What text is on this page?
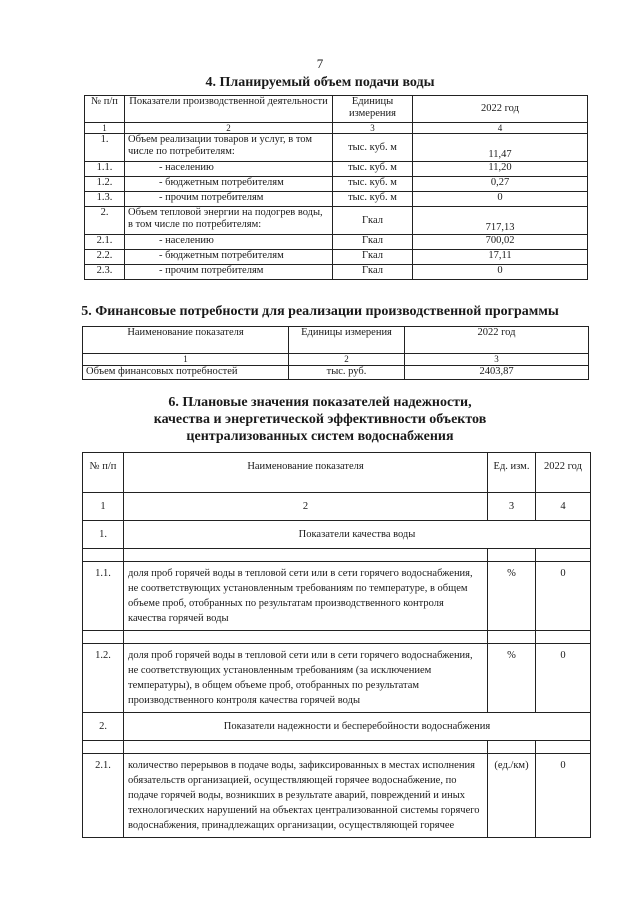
7
4. Планируемый объем подачи воды
№ п/п	Показатели производственной деятельности	Единицы измерения	2022 год
1	2	3	4
1.	Объем реализации товаров и услуг, в том числе по потребителям:	тыс. куб. м	11,47
1.1.	- населению	тыс. куб. м	11,20
1.2.	- бюджетным потребителям	тыс. куб. м	0,27
1.3.	- прочим потребителям	тыс. куб. м	0
2.	Объем тепловой энергии на подогрев воды, в том числе по потребителям:	Гкал	717,13
2.1.	- населению	Гкал	700,02
2.2.	- бюджетным потребителям	Гкал	17,11
2.3.	- прочим потребителям	Гкал	0
5. Финансовые потребности для реализации производственной программы
Наименование показателя	Единицы измерения	2022 год
1	2	3
Объем финансовых потребностей	тыс. руб.	2403,87
6. Плановые значения показателей надежности,
качества и энергетической эффективности объектов
централизованных систем водоснабжения
№ п/п	Наименование показателя	Ед. изм.	2022 год
1	2	3	4
1.	Показатели качества воды		

1.1.	доля проб горячей воды в тепловой сети или в сети горячего водоснабжения, не соответствующих установленным требованиям по температуре, в общем объеме проб, отобранных по результатам производственного контроля качества горячей воды	%	0

1.2.	доля проб горячей воды в тепловой сети или в сети горячего водоснабжения, не соответствующих установленным требованиям (за исключением температуры), в общем объеме проб, отобранных по результатам производственного контроля качества горячей воды	%	0
2.	Показатели надежности и бесперебойности водоснабжения		

2.1.	количество перерывов в подаче воды, зафиксированных в местах исполнения обязательств организацией, осуществляющей горячее водоснабжение, по подаче горячей воды, возникших в результате аварий, повреждений и иных технологических нарушений на объектах централизованной системы горячего водоснабжения, принадлежащих организации, осуществляющей горячее	(ед./км)	0
